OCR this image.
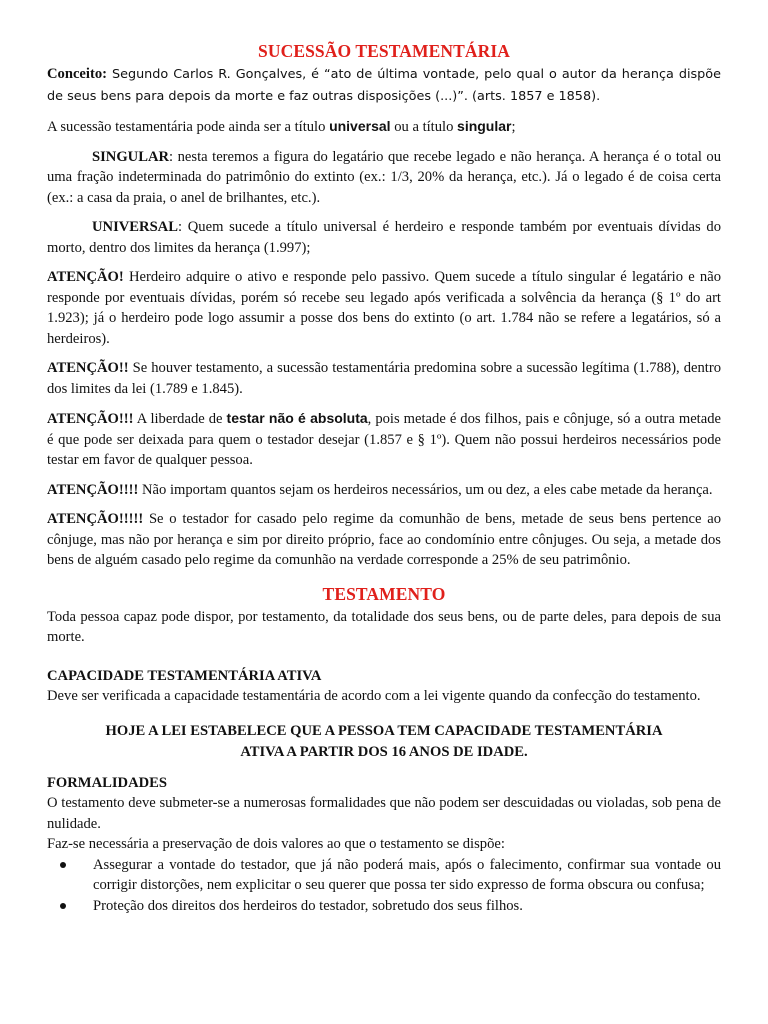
SUCESSÃO TESTAMENTÁRIA

Conceito: Segundo Carlos R. Gonçalves, é “ato de última vontade, pelo qual o autor da herança dispõe de seus bens para depois da morte e faz outras disposições (...)”. (arts. 1857 e 1858).

A sucessão testamentária pode ainda ser a título universal ou a título singular;

SINGULAR: nesta teremos a figura do legatário que recebe legado e não herança. A herança é o total ou uma fração indeterminada do patrimônio do extinto (ex.: 1/3, 20% da herança, etc.). Já o legado é de coisa certa (ex.: a casa da praia, o anel de brilhantes, etc.).

UNIVERSAL: Quem sucede a título universal é herdeiro e responde também por eventuais dívidas do morto, dentro dos limites da herança (1.997);

ATENÇÃO! Herdeiro adquire o ativo e responde pelo passivo. Quem sucede a título singular é legatário e não responde por eventuais dívidas, porém só recebe seu legado após verificada a solvência da herança (§ 1º do art 1.923); já o herdeiro pode logo assumir a posse dos bens do extinto (o art. 1.784 não se refere a legatários, só a herdeiros).

ATENÇÃO!! Se houver testamento, a sucessão testamentária predomina sobre a sucessão legítima (1.788), dentro dos limites da lei (1.789 e 1.845).

ATENÇÃO!!! A liberdade de testar não é absoluta, pois metade é dos filhos, pais e cônjuge, só a outra metade é que pode ser deixada para quem o testador desejar (1.857 e § 1º). Quem não possui herdeiros necessários pode testar em favor de qualquer pessoa.

ATENÇÃO!!!! Não importam quantos sejam os herdeiros necessários, um ou dez, a eles cabe metade da herança.

ATENÇÃO!!!!! Se o testador for casado pelo regime da comunhão de bens, metade de seus bens pertence ao cônjuge, mas não por herança e sim por direito próprio, face ao condomínio entre cônjuges. Ou seja, a metade dos bens de alguém casado pelo regime da comunhão na verdade corresponde a 25% de seu patrimônio.

TESTAMENTO

Toda pessoa capaz pode dispor, por testamento, da totalidade dos seus bens, ou de parte deles, para depois de sua morte.

CAPACIDADE TESTAMENTÁRIA ATIVA

Deve ser verificada a capacidade testamentária de acordo com a lei vigente quando da confecção do testamento.

HOJE A LEI ESTABELECE QUE A PESSOA TEM CAPACIDADE TESTAMENTÁRIA
ATIVA A PARTIR DOS 16 ANOS DE IDADE.

FORMALIDADES

O testamento deve submeter-se a numerosas formalidades que não podem ser descuidadas ou violadas, sob pena de nulidade.

Faz-se necessária a preservação de dois valores ao que o testamento se dispõe:

Assegurar a vontade do testador, que já não poderá mais, após o falecimento, confirmar sua vontade ou corrigir distorções, nem explicitar o seu querer que possa ter sido expresso de forma obscura ou confusa;
Proteção dos direitos dos herdeiros do testador, sobretudo dos seus filhos.
